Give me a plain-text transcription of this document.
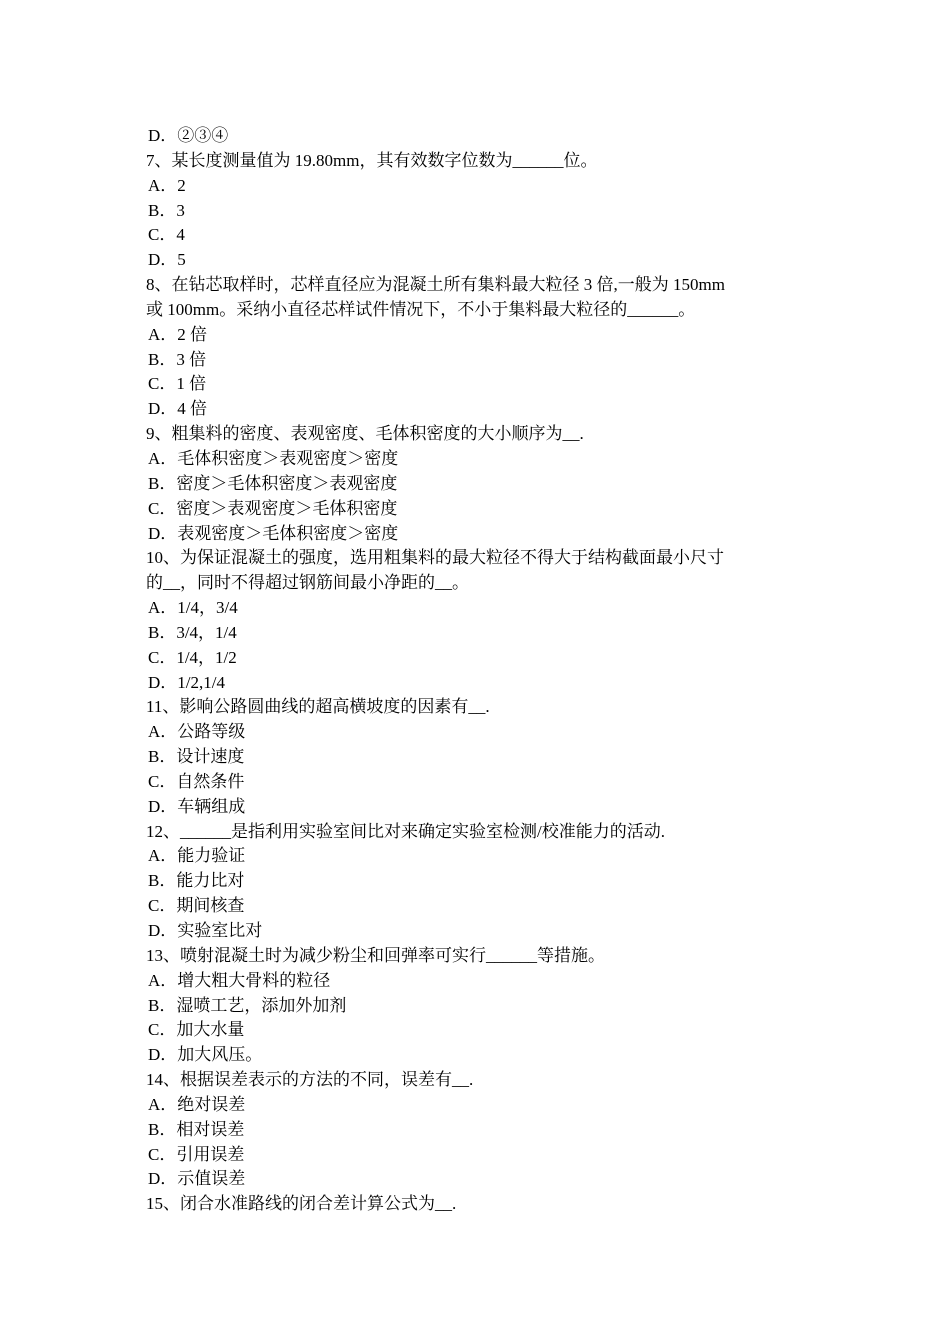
D．②③④
7、某长度测量值为 19.80mm，其有效数字位数为______位。
A．2
B．3
C．4
D．5
8、在钻芯取样时，芯样直径应为混凝土所有集料最大粒径 3 倍,一般为 150mm
或 100mm。采纳小直径芯样试件情况下，不小于集料最大粒径的______。
A．2 倍
B．3 倍
C．1 倍
D．4 倍
9、粗集料的密度、表观密度、毛体积密度的大小顺序为__.
A．毛体积密度＞表观密度＞密度
B．密度＞毛体积密度＞表观密度
C．密度＞表观密度＞毛体积密度
D．表观密度＞毛体积密度＞密度
10、为保证混凝土的强度，选用粗集料的最大粒径不得大于结构截面最小尺寸
的__，同时不得超过钢筋间最小净距的__。
A．1/4，3/4
B．3/4，1/4
C．1/4，1/2
D．1/2,1/4
11、影响公路圆曲线的超高横坡度的因素有__.
A．公路等级
B．设计速度
C．自然条件
D．车辆组成
12、______是指利用实验室间比对来确定实验室检测/校准能力的活动.
A．能力验证
B．能力比对
C．期间核查
D．实验室比对
13、喷射混凝土时为减少粉尘和回弹率可实行______等措施。
A．增大粗大骨料的粒径
B．湿喷工艺，添加外加剂
C．加大水量
D．加大风压。
14、根据误差表示的方法的不同，误差有__.
A．绝对误差
B．相对误差
C．引用误差
D．示值误差
15、闭合水准路线的闭合差计算公式为__.
